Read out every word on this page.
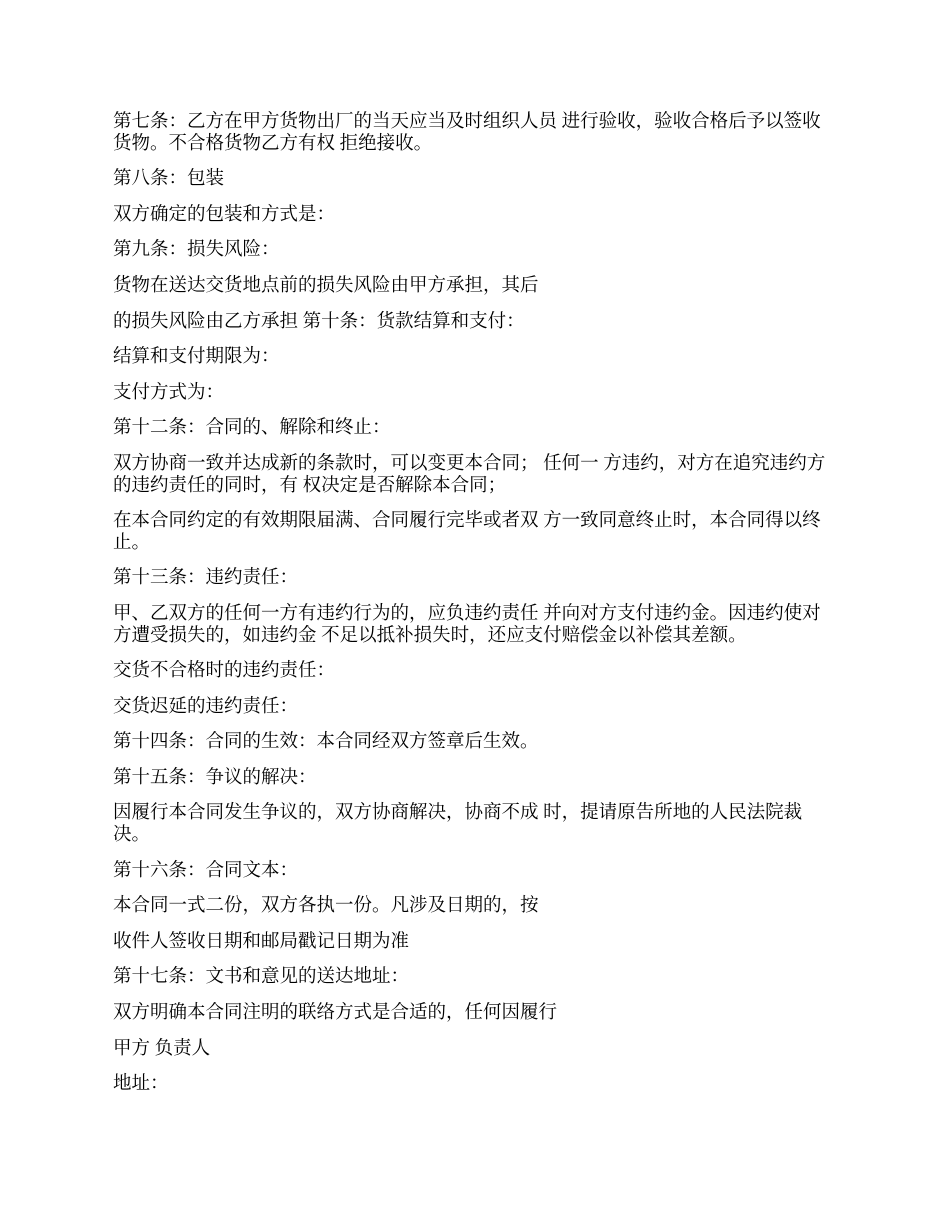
第七条：乙方在甲方货物出厂的当天应当及时组织人员 进行验收，验收合格后予以签收货物。不合格货物乙方有权 拒绝接收。

第八条：包装

双方确定的包装和方式是：

第九条：损失风险：

货物在送达交货地点前的损失风险由甲方承担，其后

的损失风险由乙方承担 第十条：货款结算和支付：

结算和支付期限为：

支付方式为：

第十二条：合同的、解除和终止：

双方协商一致并达成新的条款时，可以变更本合同； 任何一 方违约，对方在追究违约方的违约责任的同时，有 权决定是否解除本合同；

在本合同约定的有效期限届满、合同履行完毕或者双 方一致同意终止时，本合同得以终止。

第十三条：违约责任：

甲、乙双方的任何一方有违约行为的，应负违约责任 并向对方支付违约金。因违约使对方遭受损失的，如违约金 不足以抵补损失时，还应支付赔偿金以补偿其差额。

交货不合格时的违约责任：

交货迟延的违约责任：

第十四条：合同的生效：本合同经双方签章后生效。

第十五条：争议的解决：

因履行本合同发生争议的，双方协商解决，协商不成 时，提请原告所地的人民法院裁决。

第十六条：合同文本：

本合同一式二份，双方各执一份。凡涉及日期的，按

收件人签收日期和邮局戳记日期为准

第十七条：文书和意见的送达地址：

双方明确本合同注明的联络方式是合适的，任何因履行

甲方 负责人

地址：
